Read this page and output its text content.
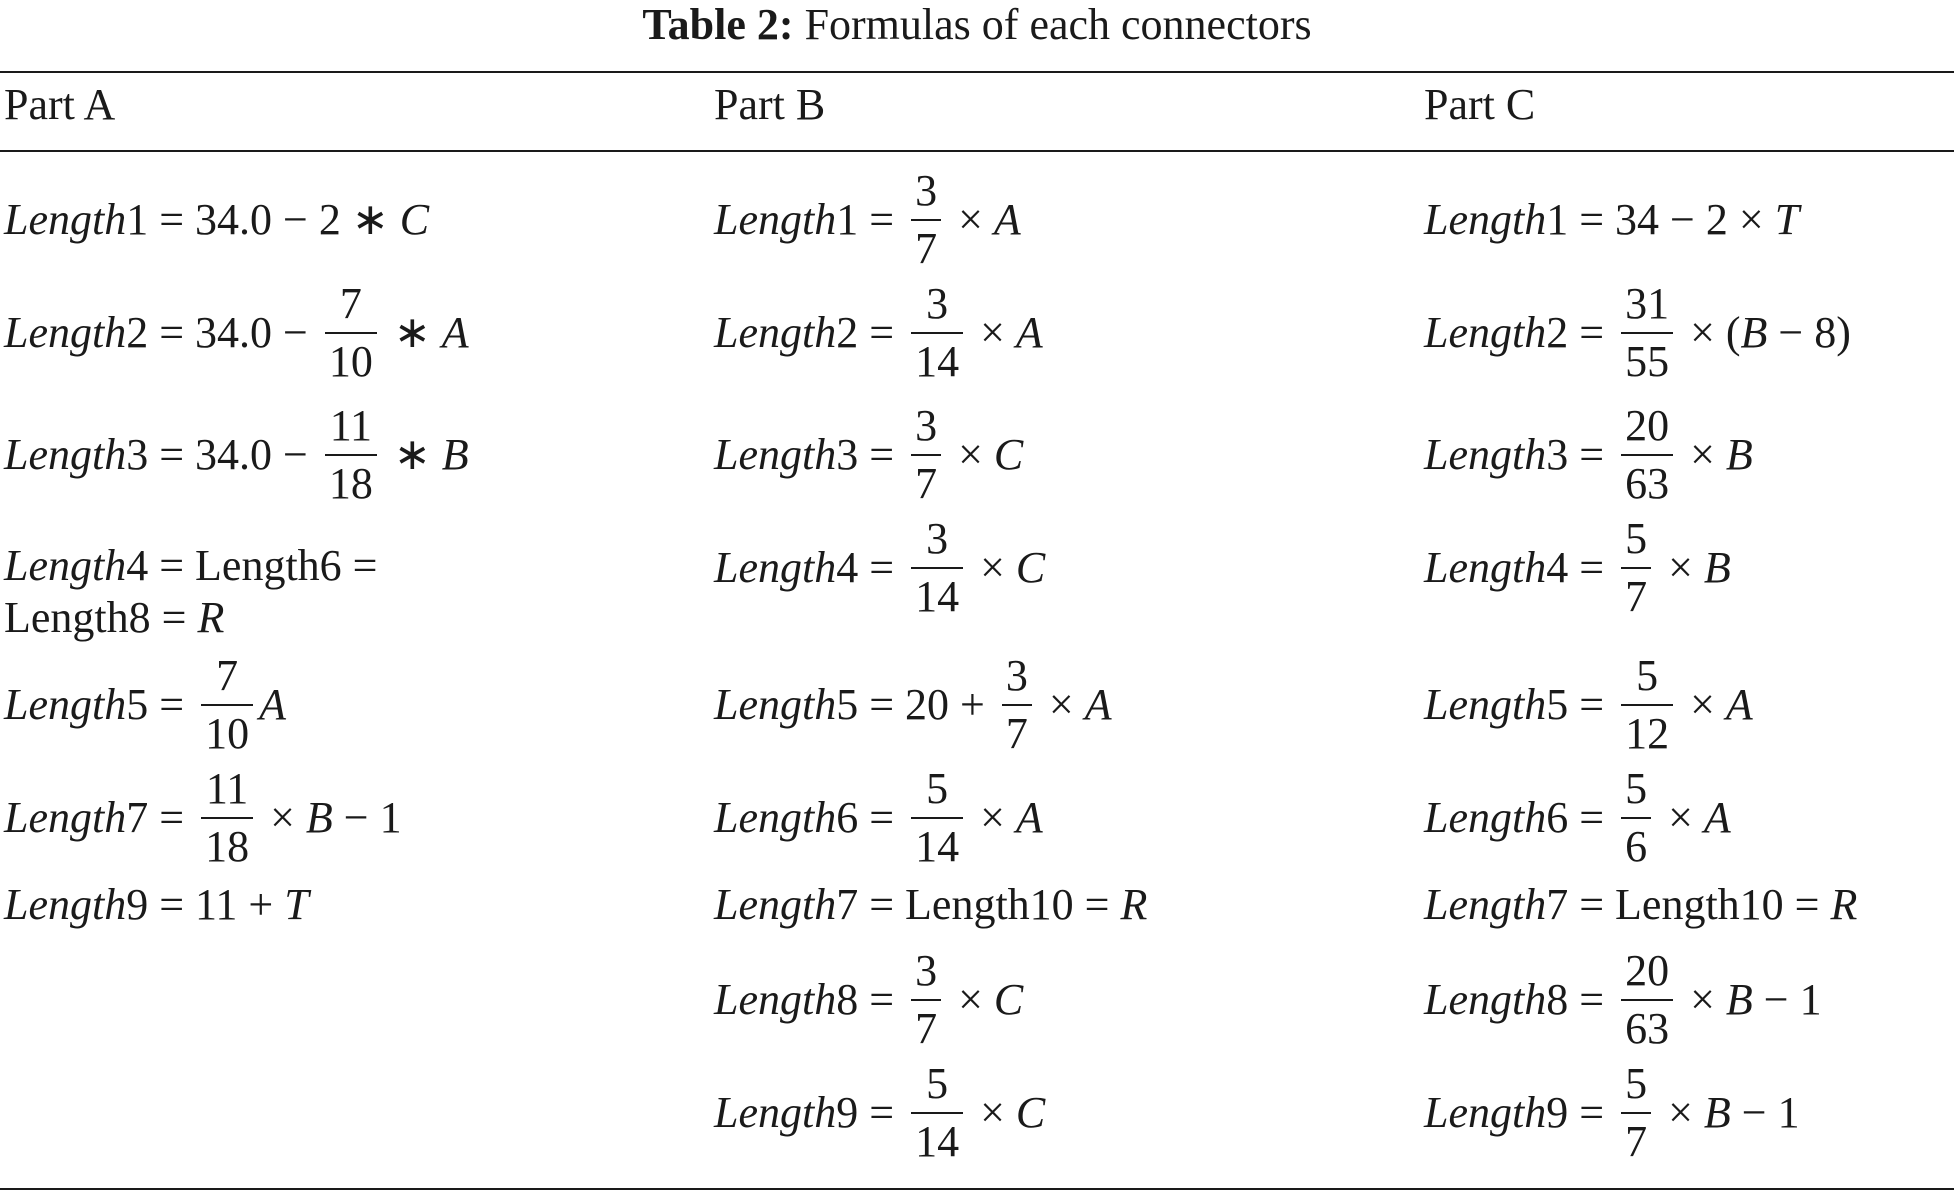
Table 2: Formulas of each connectors
Part A	Part B	Part C
Length 1 = 34.0 − 2 ∗ C
Length $2 = 34.0 - \frac{7}{10}$ ∗ A
Length $3 = 34.0 - \frac{11}{18}$ ∗ B
Length4 = Length6 =
Length8 = R
Length $5 = \frac{7}{10}$ A
Length $7 = \frac{11}{18} \times B - 1$
Length 9 = 11 + T
Length $1 = \frac{3}{7} \times A$
Length $2 = \frac{3}{14} \times A$
Length $3 = \frac{3}{7} \times C$
Length $4 = \frac{3}{14} \times C$
Length $5 = 20 + \frac{3}{7} \times A$
Length $6 = \frac{5}{14} \times A$
Length 7 = Length10 = R
Length $8 = \frac{3}{7} \times C$
Length $9 = \frac{5}{14} \times C$
Length 1 = 34 − 2 × T
Length $2 = \frac{31}{55}$ × ( B − 8)
Length $3 = \frac{20}{63} \times B$
Length $4 = \frac{5}{7} \times B$
Length $5 = \frac{5}{12} \times A$
Length $6 = \frac{5}{6} \times A$
Length 7 = Length10 = R
Length $8 = \frac{20}{63} \times B - 1$
Length $9 = \frac{5}{7} \times B - 1$
